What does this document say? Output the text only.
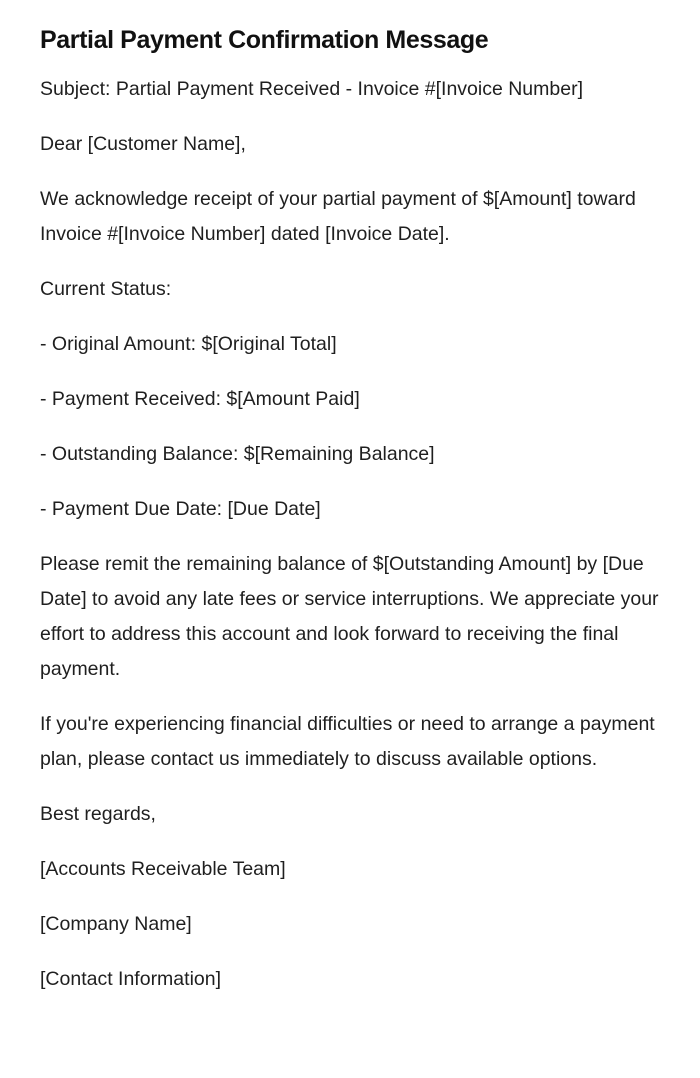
Partial Payment Confirmation Message

Subject: Partial Payment Received - Invoice #[Invoice Number]

Dear [Customer Name],

We acknowledge receipt of your partial payment of $[Amount] toward Invoice #[Invoice Number] dated [Invoice Date].

Current Status:

- Original Amount: $[Original Total]

- Payment Received: $[Amount Paid]

- Outstanding Balance: $[Remaining Balance]

- Payment Due Date: [Due Date]

Please remit the remaining balance of $[Outstanding Amount] by [Due Date] to avoid any late fees or service interruptions. We appreciate your effort to address this account and look forward to receiving the final payment.

If you're experiencing financial difficulties or need to arrange a payment plan, please contact us immediately to discuss available options.

Best regards,

[Accounts Receivable Team]

[Company Name]

[Contact Information]
